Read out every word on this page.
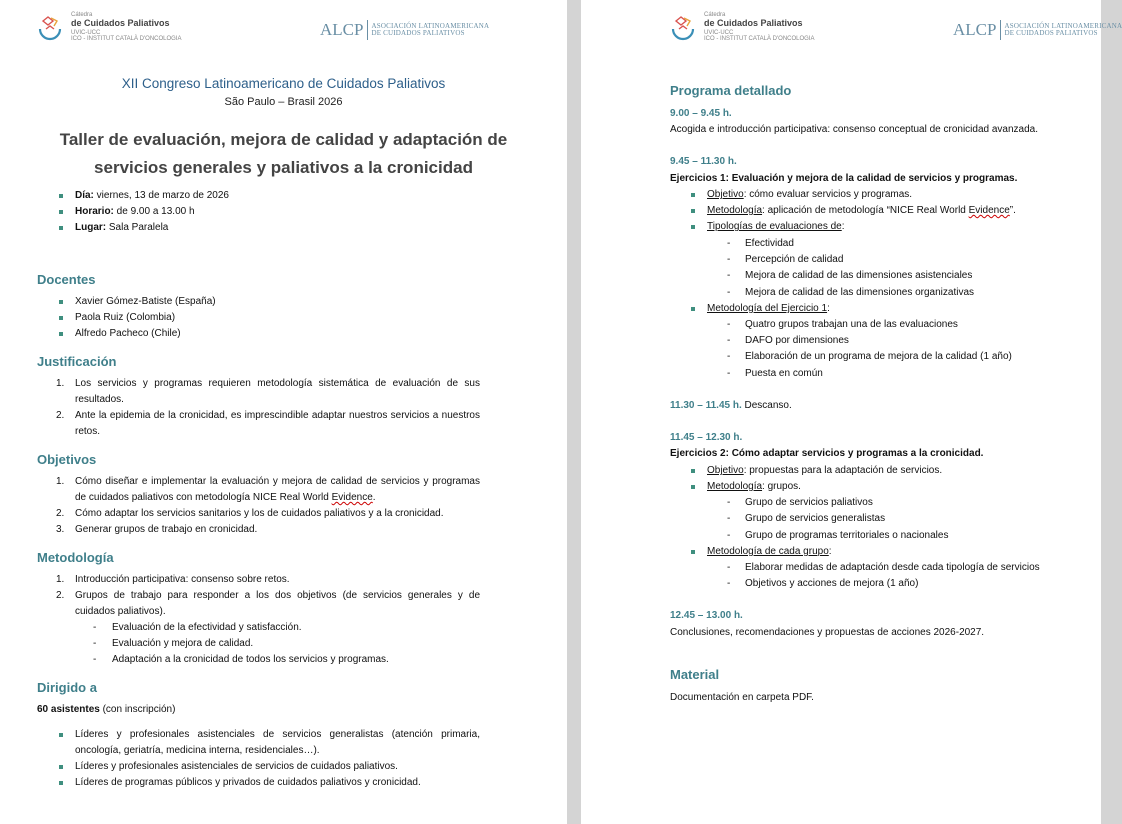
Cátedra
de Cuidados Paliativos
UVIC-UCC
ICO - INSTITUT CATALÀ D'ONCOLOGIA	ALCP ASOCIACIÓN LATINOAMERICANA
DE CUIDADOS PALIATIVOS
XII Congreso Latinoamericano de Cuidados Paliativos
São Paulo – Brasil 2026
Taller de evaluación, mejora de calidad y adaptación de
servicios generales y paliativos a la cronicidad
Día: viernes, 13 de marzo de 2026
Horario: de 9.00 a 13.00 h
Lugar: Sala Paralela
Docentes
Xavier Gómez-Batiste (España)
Paola Ruiz (Colombia)
Alfredo Pacheco (Chile)
Justificación
1. Los servicios y programas requieren metodología sistemática de evaluación de sus resultados.
2. Ante la epidemia de la cronicidad, es imprescindible adaptar nuestros servicios a nuestros retos.
Objetivos
1. Cómo diseñar e implementar la evaluación y mejora de calidad de servicios y programas de cuidados paliativos con metodología NICE Real World Evidence.
2. Cómo adaptar los servicios sanitarios y los de cuidados paliativos y a la cronicidad.
3. Generar grupos de trabajo en cronicidad.
Metodología
1. Introducción participativa: consenso sobre retos.
2. Grupos de trabajo para responder a los dos objetivos (de servicios generales y de cuidados paliativos).
- Evaluación de la efectividad y satisfacción.
- Evaluación y mejora de calidad.
- Adaptación a la cronicidad de todos los servicios y programas.
Dirigido a
60 asistentes (con inscripción)
Líderes y profesionales asistenciales de servicios generalistas (atención primaria, oncología, geriatría, medicina interna, residenciales…).
Líderes y profesionales asistenciales de servicios de cuidados paliativos.
Líderes de programas públicos y privados de cuidados paliativos y cronicidad.
Cátedra
de Cuidados Paliativos
UVIC-UCC
ICO - INSTITUT CATALÀ D'ONCOLOGIA	ALCP ASOCIACIÓN LATINOAMERICANA
DE CUIDADOS PALIATIVOS
Programa detallado
9.00 – 9.45 h.
Acogida e introducción participativa: consenso conceptual de cronicidad avanzada.
9.45 – 11.30 h.
Ejercicios 1: Evaluación y mejora de la calidad de servicios y programas.
Objetivo: cómo evaluar servicios y programas.
Metodología: aplicación de metodología “NICE Real World Evidence”.
Tipologías de evaluaciones de:
- Efectividad
- Percepción de calidad
- Mejora de calidad de las dimensiones asistenciales
- Mejora de calidad de las dimensiones organizativas
Metodología del Ejercicio 1:
- Quatro grupos trabajan una de las evaluaciones
- DAFO por dimensiones
- Elaboración de un programa de mejora de la calidad (1 año)
- Puesta en común
11.30 – 11.45 h. Descanso.
11.45 – 12.30 h.
Ejercicios 2: Cómo adaptar servicios y programas a la cronicidad.
Objetivo: propuestas para la adaptación de servicios.
Metodología: grupos.
- Grupo de servicios paliativos
- Grupo de servicios generalistas
- Grupo de programas territoriales o nacionales
Metodología de cada grupo:
- Elaborar medidas de adaptación desde cada tipología de servicios
- Objetivos y acciones de mejora (1 año)
12.45 – 13.00 h.
Conclusiones, recomendaciones y propuestas de acciones 2026-2027.
Material
Documentación en carpeta PDF.
